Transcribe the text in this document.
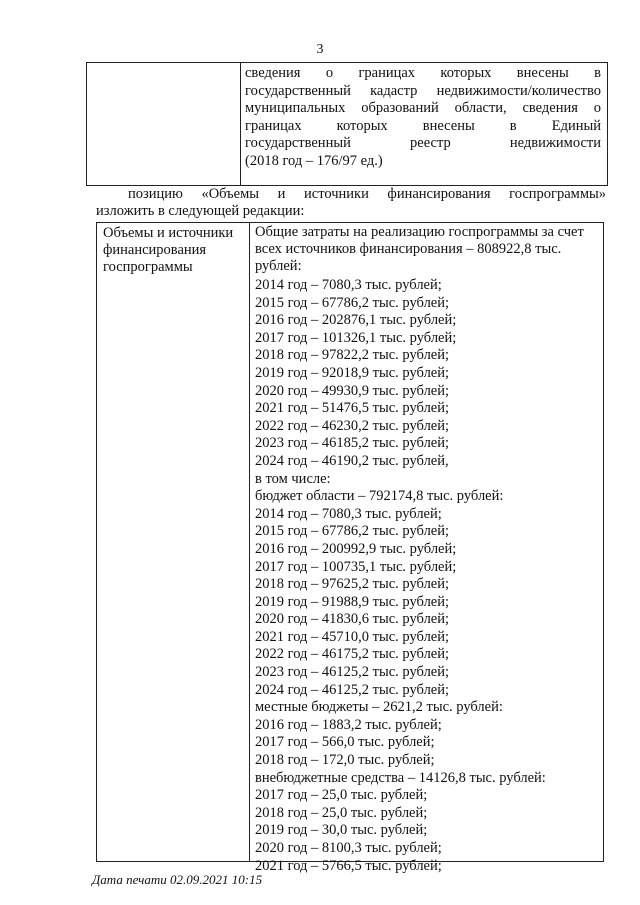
3
сведения о границах которых внесены в
государственный кадастр недвижимости/количество
муниципальных образований области, сведения о
границах которых внесены в Единый
государственный реестр недвижимости
(2018 год – 176/97 ед.)
позицию «Объемы и источники финансирования госпрограммы»
изложить в следующей редакции:
Объемы и источники финансирования госпрограммы
Общие затраты на реализацию госпрограммы за счет всех источников финансирования – 808922,8 тыс. рублей:
2014 год – 7080,3 тыс. рублей;
2015 год – 67786,2 тыс. рублей;
2016 год – 202876,1 тыс. рублей;
2017 год – 101326,1 тыс. рублей;
2018 год – 97822,2 тыс. рублей;
2019 год – 92018,9 тыс. рублей;
2020 год – 49930,9 тыс. рублей;
2021 год – 51476,5 тыс. рублей;
2022 год – 46230,2 тыс. рублей;
2023 год – 46185,2 тыс. рублей;
2024 год – 46190,2 тыс. рублей,
в том числе:
бюджет области – 792174,8 тыс. рублей:
2014 год – 7080,3 тыс. рублей;
2015 год – 67786,2 тыс. рублей;
2016 год – 200992,9 тыс. рублей;
2017 год – 100735,1 тыс. рублей;
2018 год – 97625,2 тыс. рублей;
2019 год – 91988,9 тыс. рублей;
2020 год – 41830,6 тыс. рублей;
2021 год – 45710,0 тыс. рублей;
2022 год – 46175,2 тыс. рублей;
2023 год – 46125,2 тыс. рублей;
2024 год – 46125,2 тыс. рублей;
местные бюджеты – 2621,2 тыс. рублей:
2016 год – 1883,2 тыс. рублей;
2017 год – 566,0 тыс. рублей;
2018 год – 172,0 тыс. рублей;
внебюджетные средства – 14126,8 тыс. рублей:
2017 год – 25,0 тыс. рублей;
2018 год – 25,0 тыс. рублей;
2019 год – 30,0 тыс. рублей;
2020 год – 8100,3 тыс. рублей;
2021 год – 5766,5 тыс. рублей;
Дата печати 02.09.2021 10:15
